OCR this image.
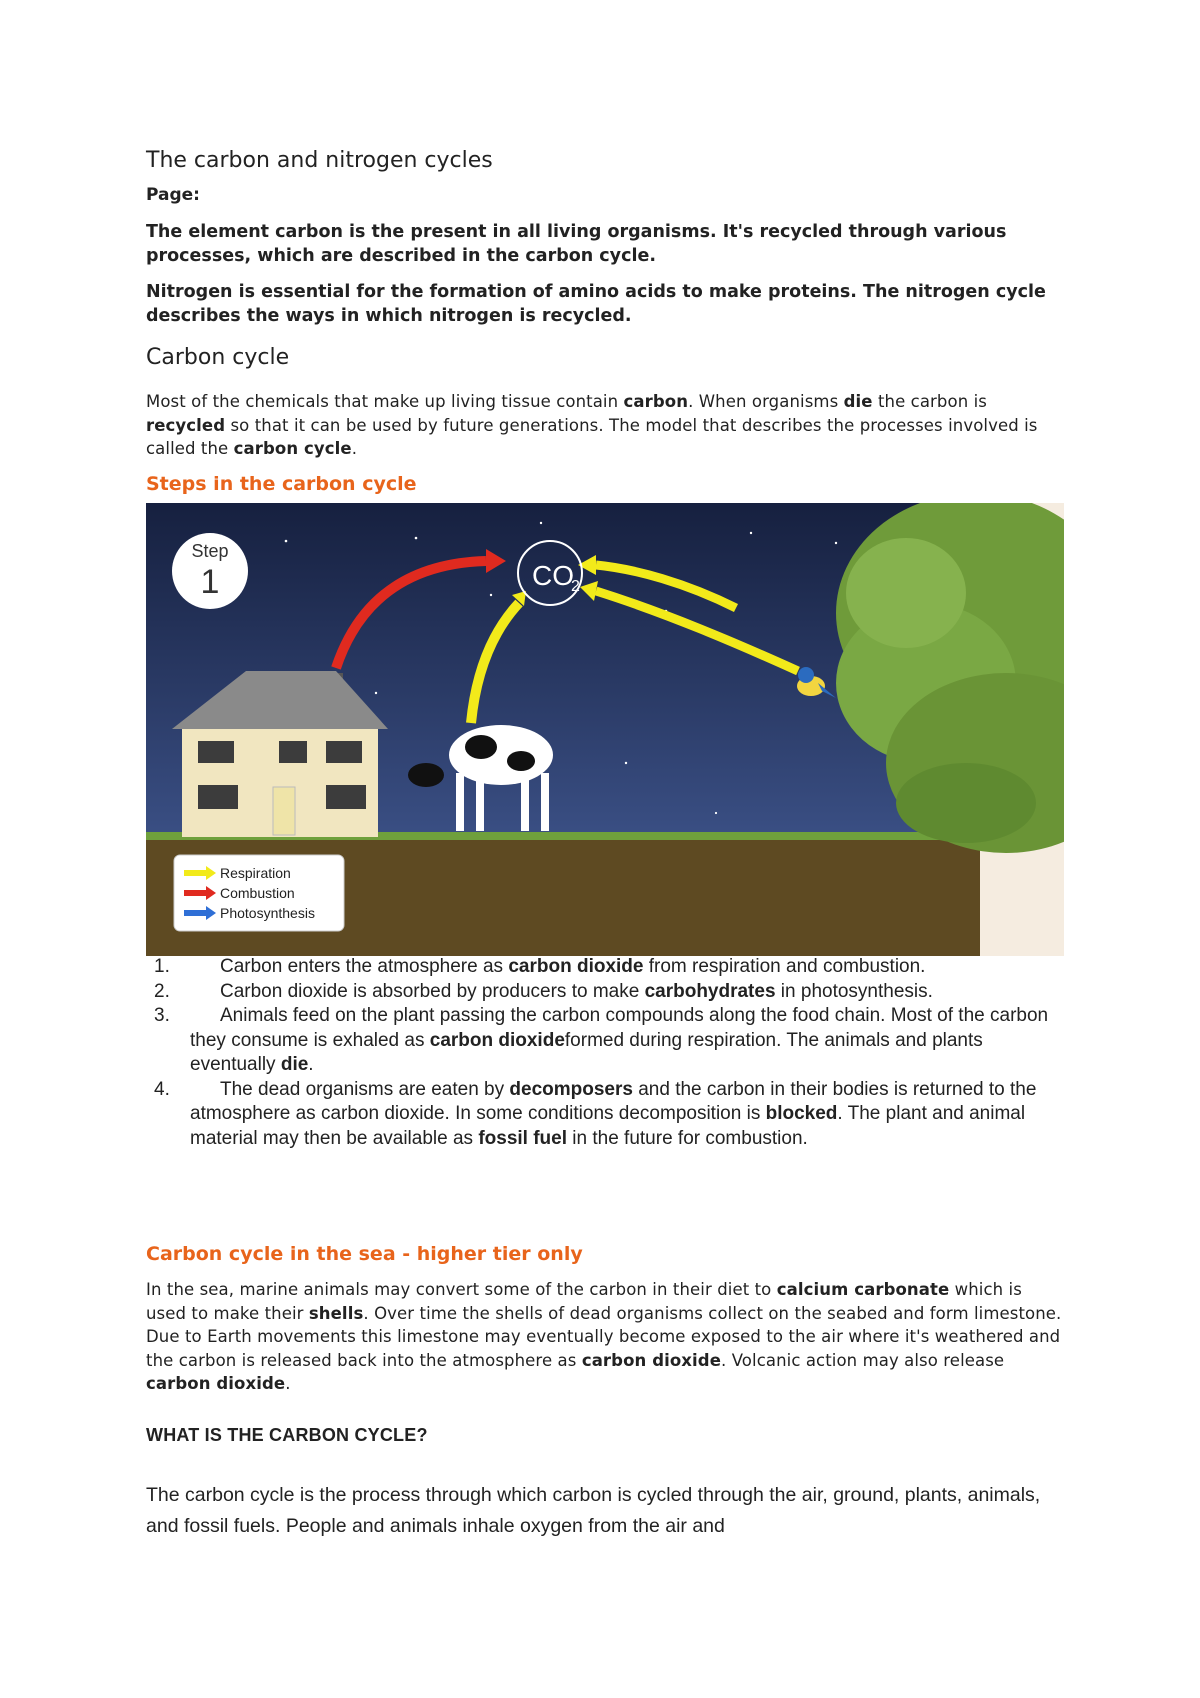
The carbon and nitrogen cycles

Page:

The element carbon is the present in all living organisms. It's recycled through various processes, which are described in the carbon cycle.

Nitrogen is essential for the formation of amino acids to make proteins. The nitrogen cycle describes the ways in which nitrogen is recycled.

Carbon cycle

Most of the chemicals that make up living tissue contain carbon. When organisms die the carbon is recycled so that it can be used by future generations. The model that describes the processes involved is called the carbon cycle.

Steps in the carbon cycle
CO
2
Step
1
Respiration
Combustion
Photosynthesis
1.	Carbon enters the atmosphere as carbon dioxide from respiration and combustion.
2.	Carbon dioxide is absorbed by producers to make carbohydrates in photosynthesis.
3.	Animals feed on the plant passing the carbon compounds along the food chain. Most of the carbon they consume is exhaled as carbon dioxideformed during respiration. The animals and plants eventually die.
4.	The dead organisms are eaten by decomposers and the carbon in their bodies is returned to the atmosphere as carbon dioxide. In some conditions decomposition is blocked. The plant and animal material may then be available as fossil fuel in the future for combustion.
Carbon cycle in the sea - higher tier only

In the sea, marine animals may convert some of the carbon in their diet to calcium carbonate which is used to make their shells. Over time the shells of dead organisms collect on the seabed and form limestone. Due to Earth movements this limestone may eventually become exposed to the air where it's weathered and the carbon is released back into the atmosphere as carbon dioxide. Volcanic action may also release carbon dioxide.

WHAT IS THE CARBON CYCLE?

The carbon cycle is the process through which carbon is cycled through the air, ground, plants, animals, and fossil fuels. People and animals inhale oxygen from the air and
